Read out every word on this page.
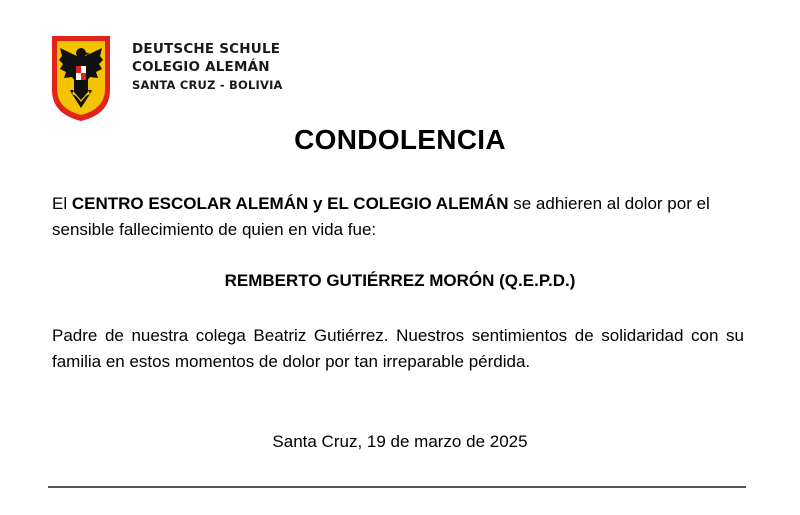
DEUTSCHE SCHULE
COLEGIO ALEMÁN
SANTA CRUZ - BOLIVIA
CONDOLENCIA
El CENTRO ESCOLAR ALEMÁN y EL COLEGIO ALEMÁN se adhieren al dolor por el sensible fallecimiento de quien en vida fue:
REMBERTO GUTIÉRREZ MORÓN (Q.E.P.D.)
Padre de nuestra colega Beatriz Gutiérrez. Nuestros sentimientos de solidaridad con su familia en estos momentos de dolor por tan irreparable pérdida.
Santa Cruz, 19 de marzo de 2025
